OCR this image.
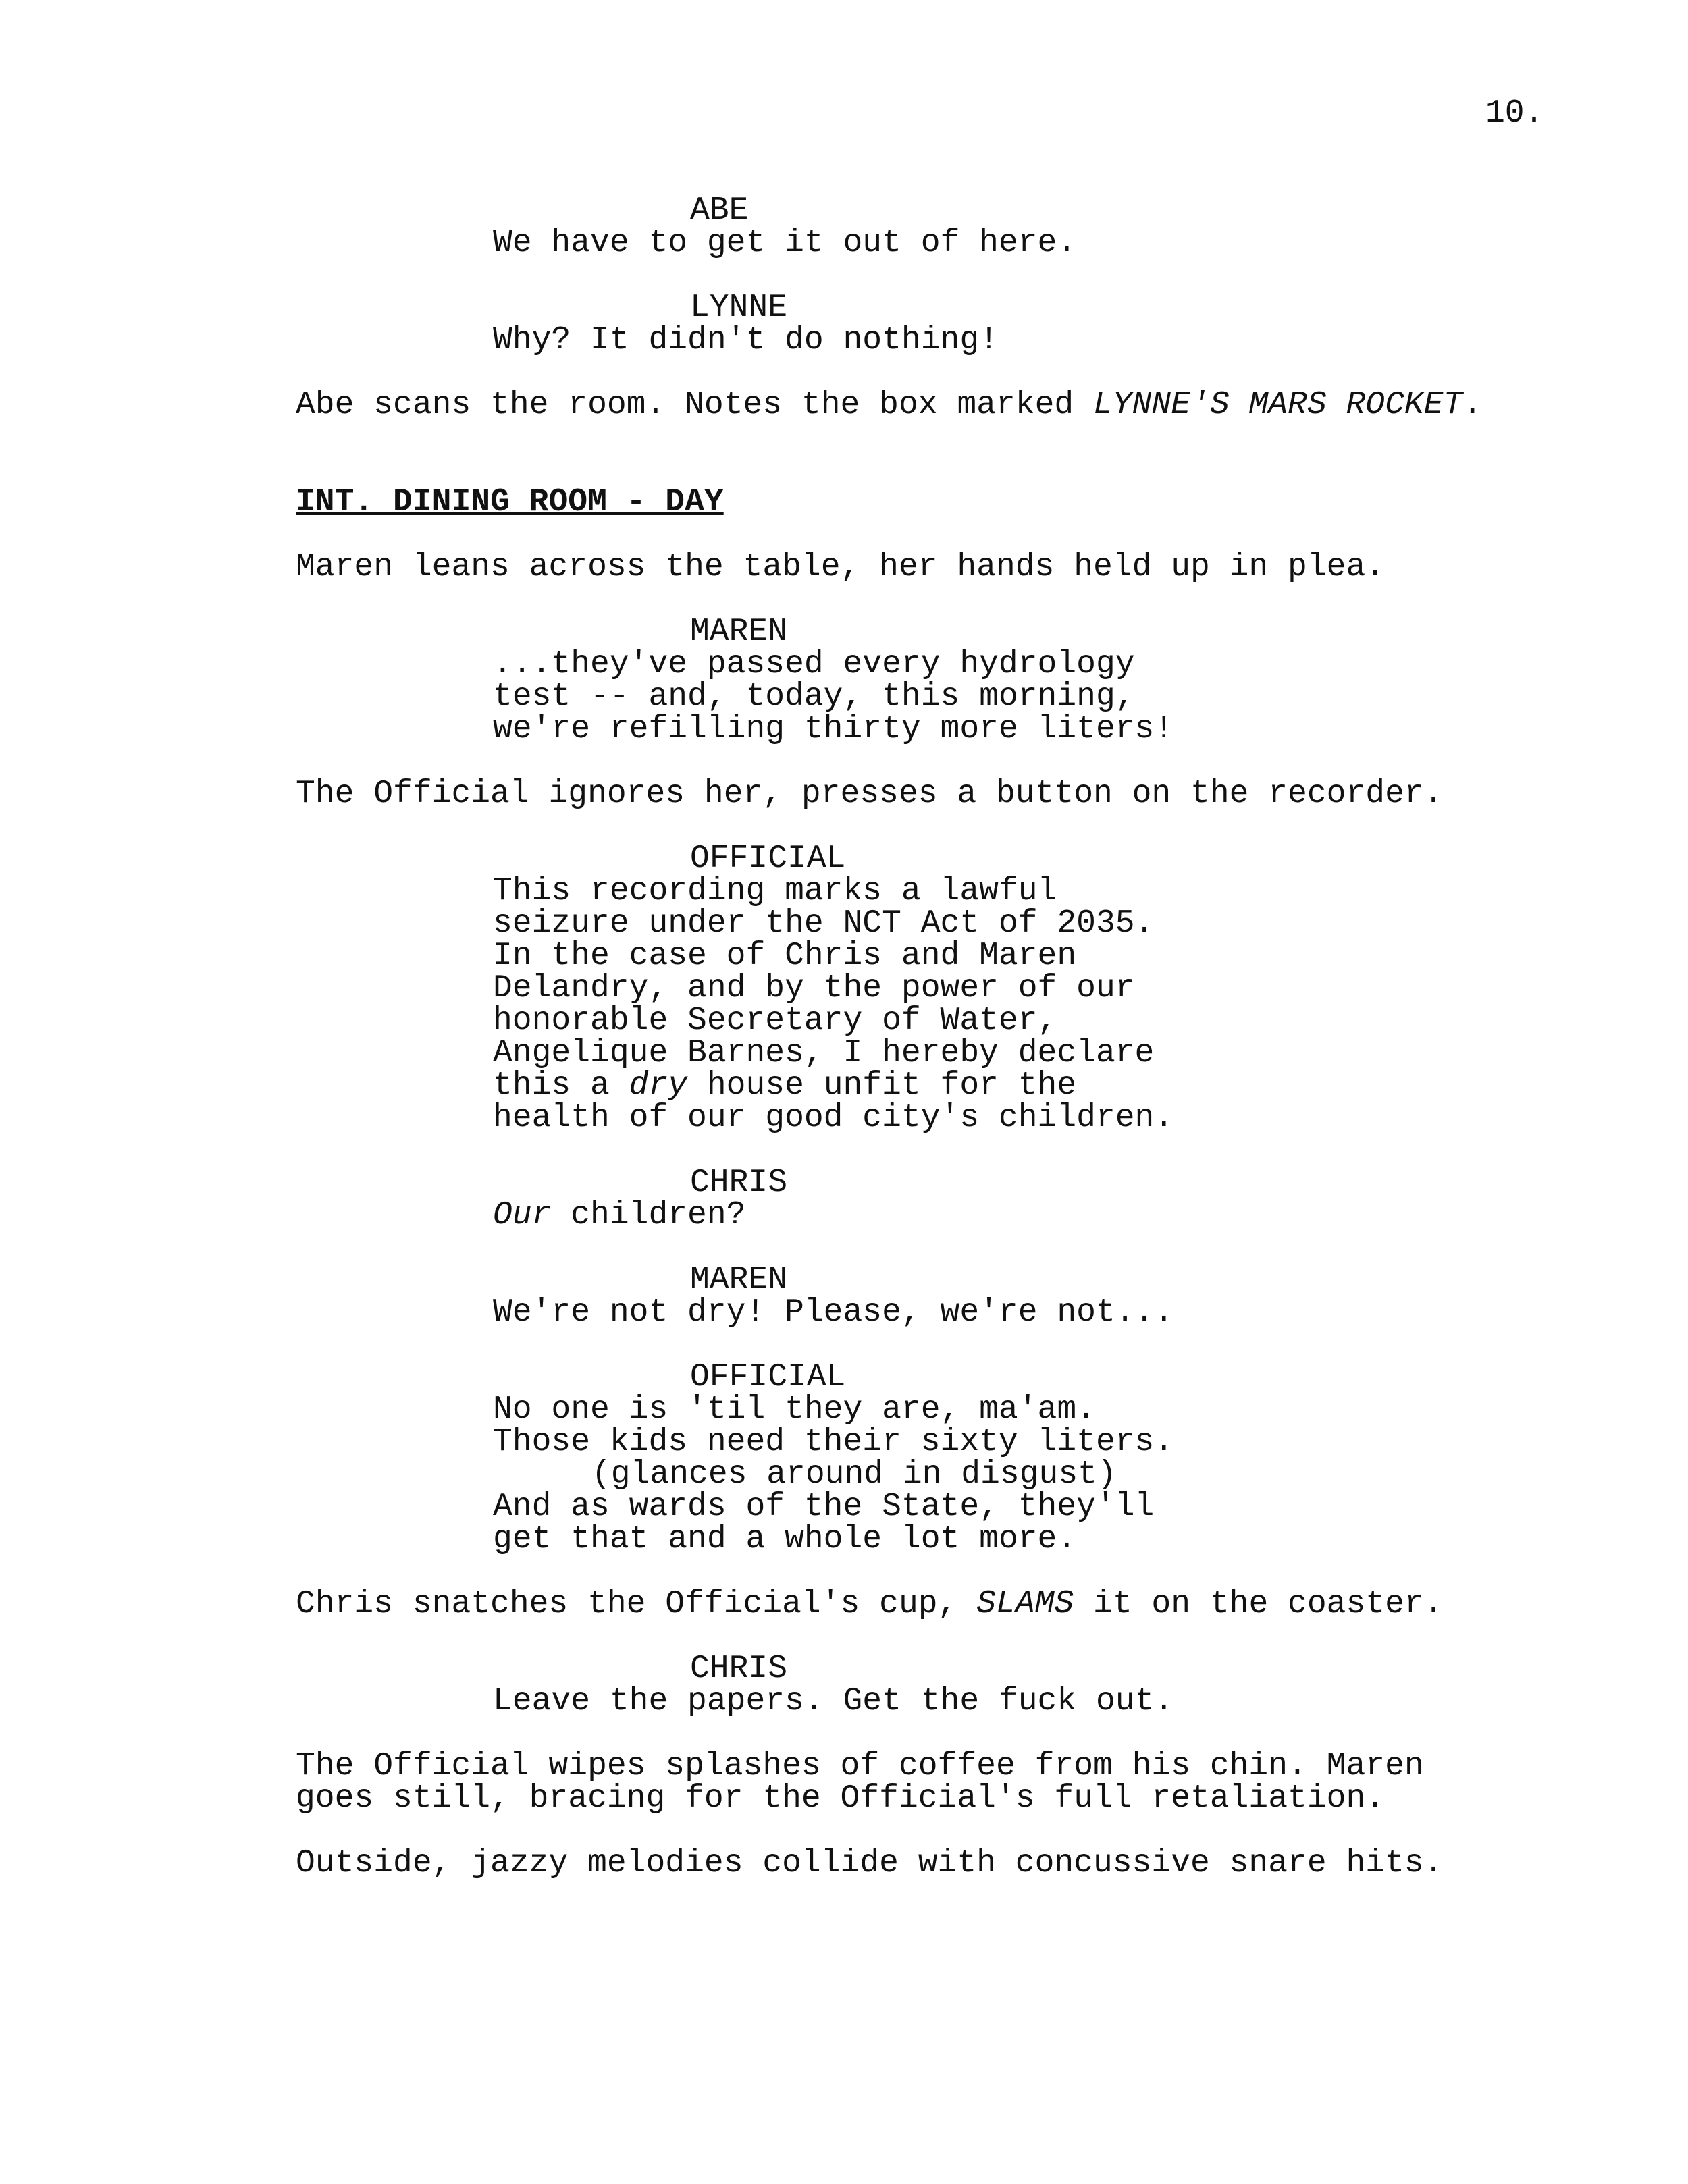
10.
ABE
We have to get it out of here.
LYNNE
Why? It didn't do nothing!
Abe scans the room. Notes the box marked LYNNE'S MARS ROCKET.
INT. DINING ROOM - DAY
Maren leans across the table, her hands held up in plea.
MAREN
...they've passed every hydrology
test -- and, today, this morning,
we're refilling thirty more liters!
The Official ignores her, presses a button on the recorder.
OFFICIAL
This recording marks a lawful
seizure under the NCT Act of 2035.
In the case of Chris and Maren
Delandry, and by the power of our
honorable Secretary of Water,
Angelique Barnes, I hereby declare
this a dry house unfit for the
health of our good city's children.
CHRIS
Our children?
MAREN
We're not dry! Please, we're not...
OFFICIAL
No one is 'til they are, ma'am.
Those kids need their sixty liters.
(glances around in disgust)
And as wards of the State, they'll
get that and a whole lot more.
Chris snatches the Official's cup, SLAMS it on the coaster.
CHRIS
Leave the papers. Get the fuck out.
The Official wipes splashes of coffee from his chin. Maren
goes still, bracing for the Official's full retaliation.
Outside, jazzy melodies collide with concussive snare hits.
